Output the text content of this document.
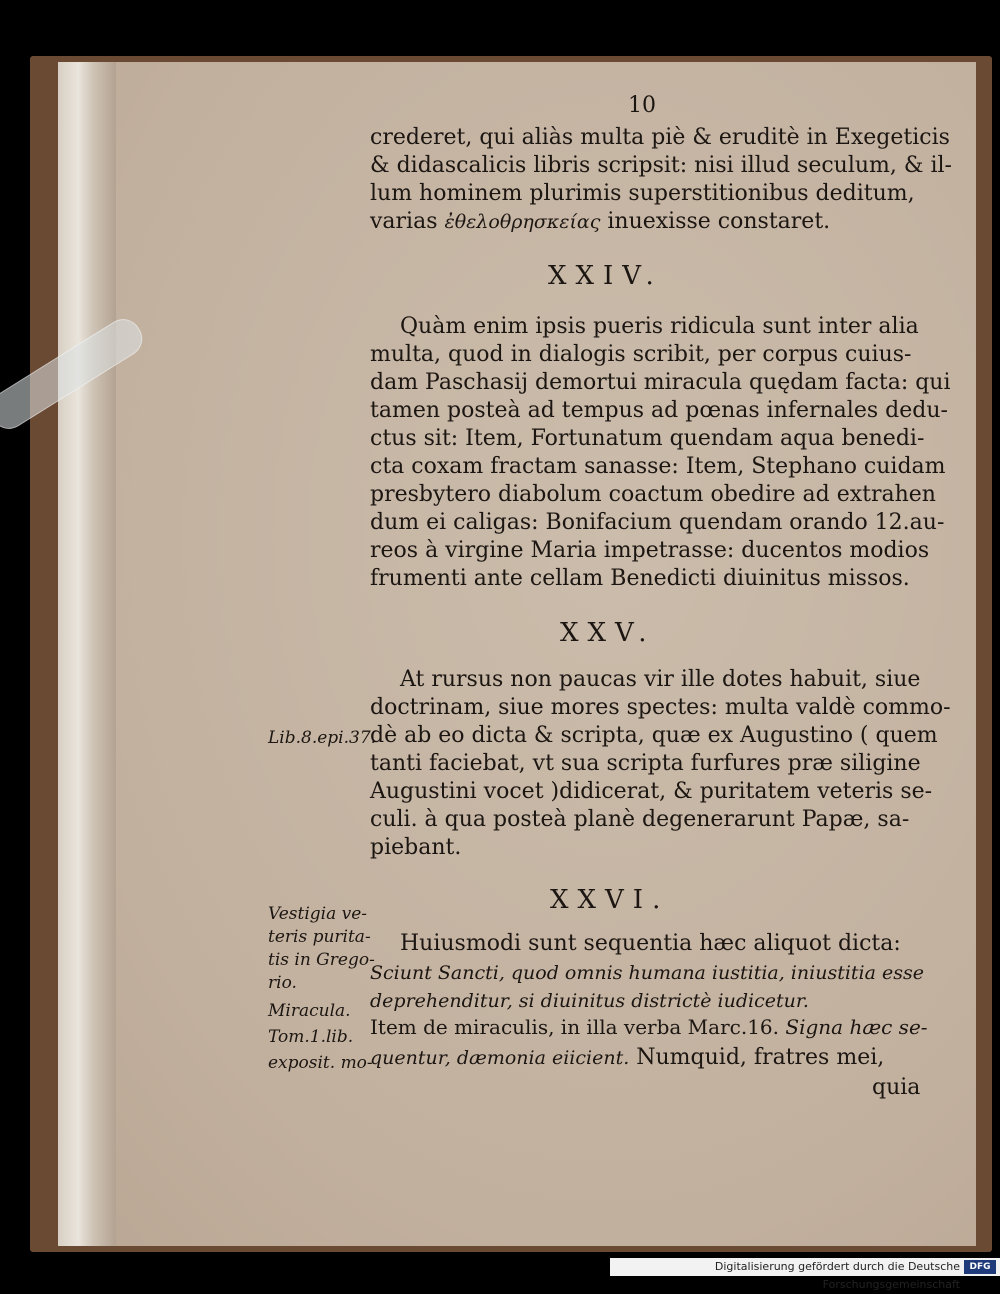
10
crederet, qui aliàs multa piè & eruditè in Exegeticis
& didascalicis libris scripsit: nisi illud seculum, & il-
lum hominem plurimis superstitionibus deditum,
varias ἐθελοθρησκείας inuexisse constaret.
XXIV.
Quàm enim ipsis pueris ridicula sunt inter alia
multa, quod in dialogis scribit, per corpus cuius-
dam Paschasij demortui miracula quędam facta: qui
tamen posteà ad tempus ad pœnas infernales dedu-
ctus sit: Item, Fortunatum quendam aqua benedi-
cta coxam fractam sanasse: Item, Stephano cuidam
presbytero diabolum coactum obedire ad extrahen
dum ei caligas: Bonifacium quendam orando 12.au-
reos à virgine Maria impetrasse: ducentos modios
frumenti ante cellam Benedicti diuinitus missos.
XXV.
At rursus non paucas vir ille dotes habuit, siue
doctrinam, siue mores spectes: multa valdè commo-
dè ab eo dicta & scripta, quæ ex Augustino ( quem
tanti faciebat, vt sua scripta furfures præ siligine
Augustini vocet )didicerat, & puritatem veteris se-
culi. à qua posteà planè degenerarunt Papæ, sa-
piebant.
Lib.8.epi.37.
XXVI.
Huiusmodi sunt sequentia hæc aliquot dicta:
Sciunt Sancti, quod omnis humana iustitia, iniustitia esse
deprehenditur, si diuinitus districtè iudicetur.
Item de miraculis, in illa verba Marc.16. Signa hæc se-
quentur, dæmonia eiicient. Numquid, fratres mei,
quia
Vestigia ve-
teris purita-
tis in Grego-
rio.
Miracula.
Tom.1.lib.
exposit. mo-
Digitalisierung gefördert durch die Deutsche Forschungsgemeinschaft
DFG
